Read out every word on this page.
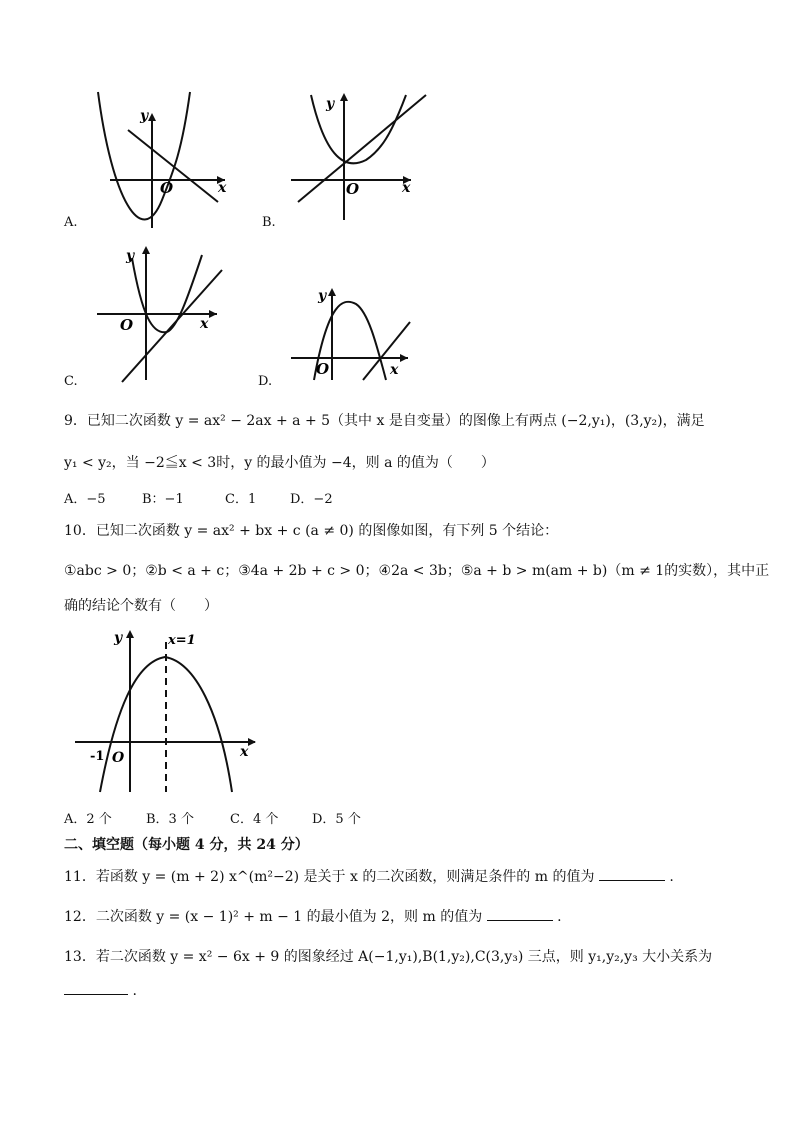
y
x
O
A.
y
x
O
B.
y
x
O
C.
y
x
O
D.
9．已知二次函数 y = ax² − 2ax + a + 5（其中 x 是自变量）的图像上有两点 (−2,y₁)，(3,y₂)，满足
y₁ < y₂，当 −2≦x < 3时，y 的最小值为 −4，则 a 的值为（　　）
A．−5	B：−1	C．1	D．−2
10．已知二次函数 y = ax² + bx + c (a ≠ 0) 的图像如图，有下列 5 个结论：
①abc > 0；②b < a + c；③4a + 2b + c > 0；④2a < 3b；⑤a + b > m(am + b)（m ≠ 1的实数），其中正
确的结论个数有（　　）
y	x=1
x
O
-1
A．2 个	B．3 个	C．4 个	D．5 个
二、填空题（每小题 4 分，共 24 分）
11．若函数 y = (m + 2) x^(m²−2) 是关于 x 的二次函数，则满足条件的 m 的值为	.
12．二次函数 y = (x − 1)² + m − 1 的最小值为 2，则 m 的值为	.
13．若二次函数 y = x² − 6x + 9 的图象经过 A(−1,y₁),B(1,y₂),C(3,y₃) 三点，则 y₁,y₂,y₃ 大小关系为
.
